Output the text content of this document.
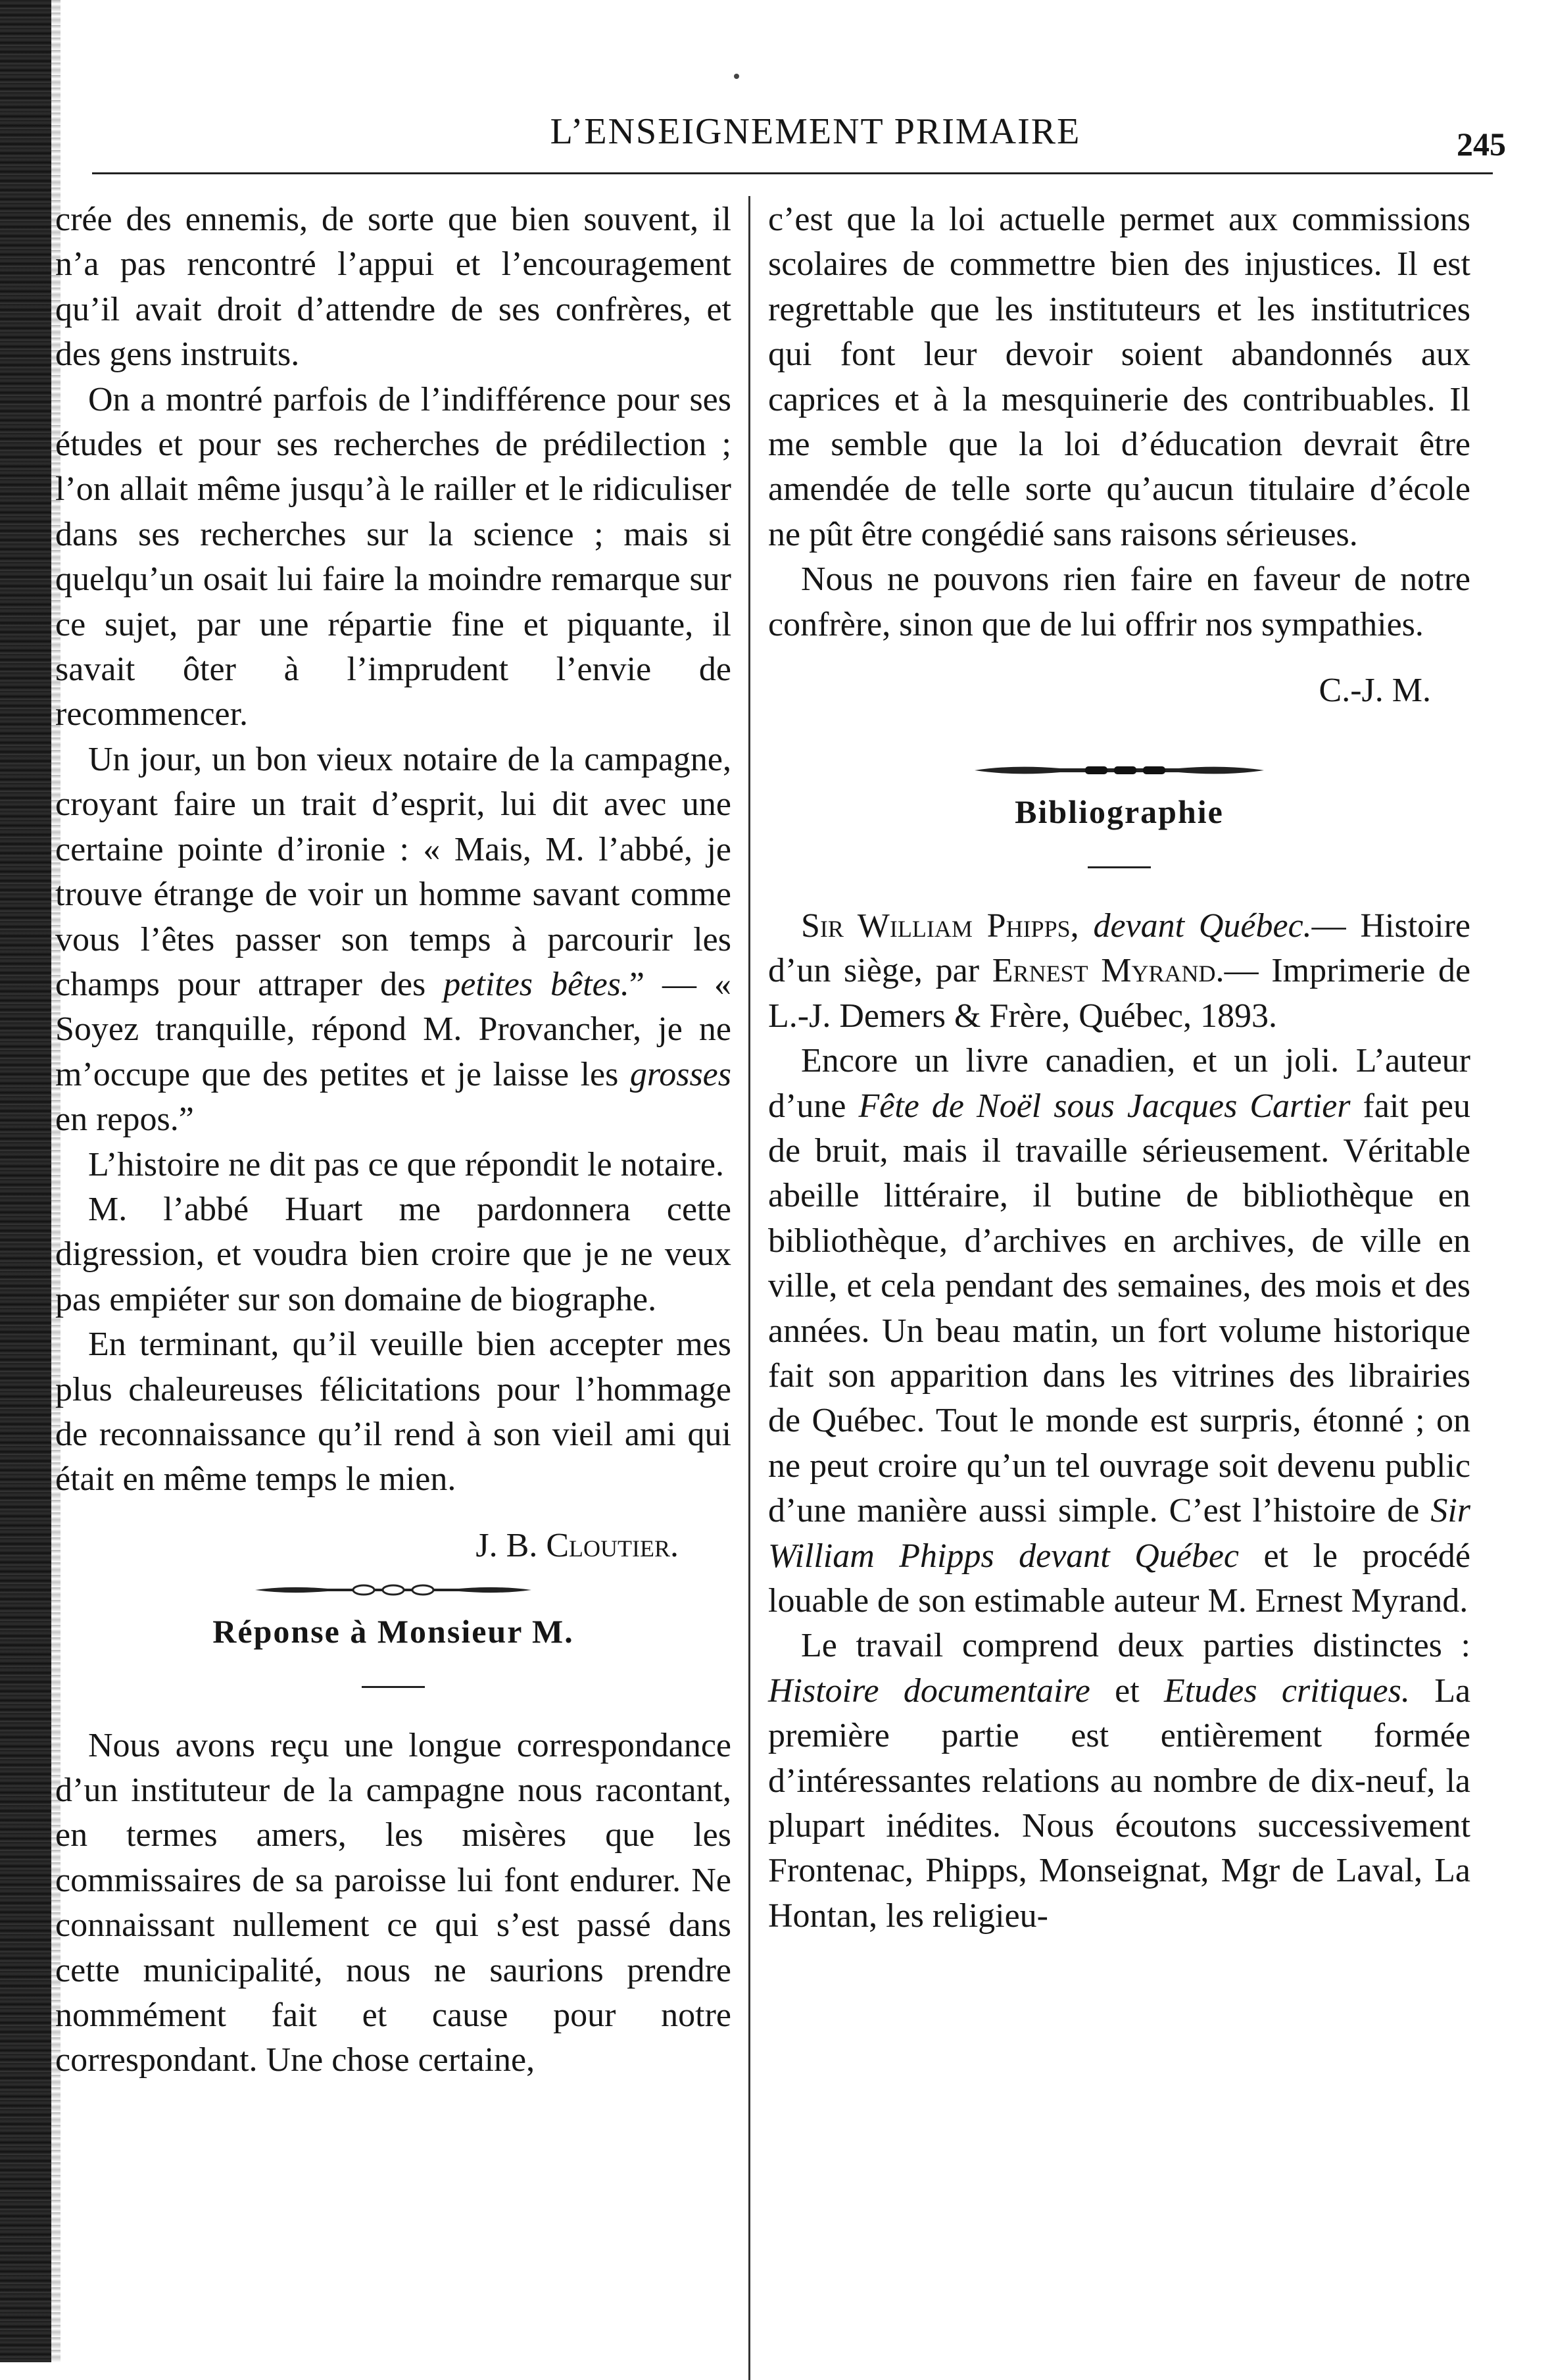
L’ENSEIGNEMENT PRIMAIRE	245

crée des ennemis, de sorte que bien souvent, il n’a pas rencontré l’appui et l’encouragement qu’il avait droit d’attendre de ses confrères, et des gens instruits.

On a montré parfois de l’indifférence pour ses études et pour ses recherches de prédilection ; l’on allait même jusqu’à le railler et le ridiculiser dans ses recherches sur la science ; mais si quelqu’un osait lui faire la moindre remarque sur ce sujet, par une répartie fine et piquante, il savait ôter à l’imprudent l’envie de recommencer.

Un jour, un bon vieux notaire de la campagne, croyant faire un trait d’esprit, lui dit avec une certaine pointe d’ironie : « Mais, M. l’abbé, je trouve étrange de voir un homme savant comme vous l’êtes passer son temps à parcourir les champs pour attraper des petites bêtes.” — « Soyez tranquille, répond M. Provancher, je ne m’occupe que des petites et je laisse les grosses en repos.”

L’histoire ne dit pas ce que répondit le notaire.

M. l’abbé Huart me pardonnera cette digression, et voudra bien croire que je ne veux pas empiéter sur son domaine de biographe.

En terminant, qu’il veuille bien accepter mes plus chaleureuses félicitations pour l’hommage de reconnaissance qu’il rend à son vieil ami qui était en même temps le mien.

J. B. Cloutier.

Réponse à Monsieur M.

Nous avons reçu une longue correspondance d’un instituteur de la campagne nous racontant, en termes amers, les misères que les commissaires de sa paroisse lui font endurer. Ne connaissant nullement ce qui s’est passé dans cette municipalité, nous ne saurions prendre nommément fait et cause pour notre correspondant. Une chose certaine,

c’est que la loi actuelle permet aux commissions scolaires de commettre bien des injustices. Il est regrettable que les instituteurs et les institutrices qui font leur devoir soient abandonnés aux caprices et à la mesquinerie des contribuables. Il me semble que la loi d’éducation devrait être amendée de telle sorte qu’aucun titulaire d’école ne pût être congédié sans raisons sérieuses.

Nous ne pouvons rien faire en faveur de notre confrère, sinon que de lui offrir nos sympathies.

C.-J. M.

Bibliographie

Sir William Phipps, devant Québec.— Histoire d’un siège, par Ernest Myrand.— Imprimerie de L.-J. Demers & Frère, Québec, 1893.

Encore un livre canadien, et un joli. L’auteur d’une Fête de Noël sous Jacques Cartier fait peu de bruit, mais il travaille sérieusement. Véritable abeille littéraire, il butine de bibliothèque en bibliothèque, d’archives en archives, de ville en ville, et cela pendant des semaines, des mois et des années. Un beau matin, un fort volume historique fait son apparition dans les vitrines des librairies de Québec. Tout le monde est surpris, étonné ; on ne peut croire qu’un tel ouvrage soit devenu public d’une manière aussi simple. C’est l’histoire de Sir William Phipps devant Québec et le procédé louable de son estimable auteur M. Ernest Myrand.

Le travail comprend deux parties distinctes : Histoire documentaire et Etudes critiques. La première partie est entièrement formée d’intéressantes relations au nombre de dix-neuf, la plupart inédites. Nous écoutons successivement Frontenac, Phipps, Monseignat, Mgr de Laval, La Hontan, les religieu-
